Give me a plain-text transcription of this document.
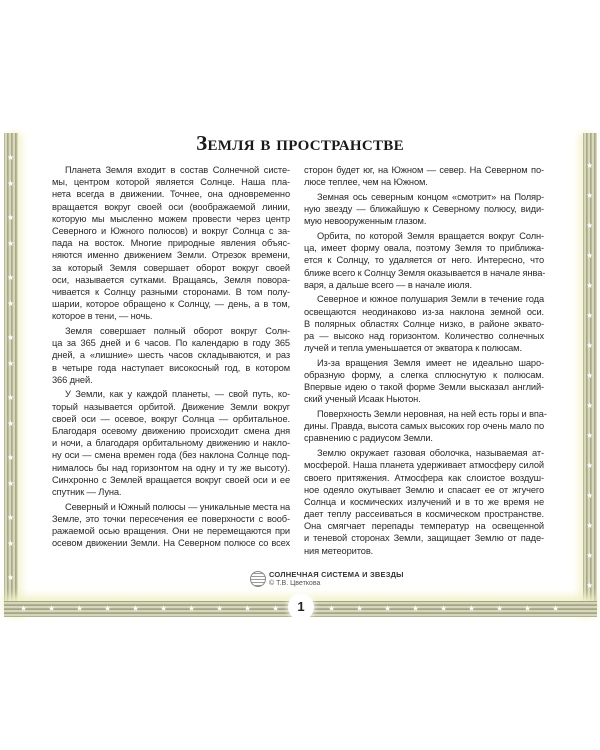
★
★
★
★
★
★
★
★
★
★
★
★
★
★
★
★
★
★
★
★
★
★
★
★
★
★
★
★
★
★
★	★	★	★	★	★	★	★	★	★	★	★	★	★	★	★	★	★	★
1
Земля в пространстве
Планета Земля входит в состав Солнечной систе-
мы, центром которой является Солнце. Наша пла-
нета всегда в движении. Точнее, она одновременно
вращается вокруг своей оси (воображаемой линии,
которую мы мысленно можем провести через центр
Северного и Южного полюсов) и вокруг Солнца с за-
пада на восток. Многие природные явления объяс-
няются именно движением Земли. Отрезок времени,
за который Земля совершает оборот вокруг своей
оси, называется сутками. Вращаясь, Земля повора-
чивается к Солнцу разными сторонами. В том полу-
шарии, которое обращено к Солнцу, — день, а в том,
которое в тени, — ночь.
Земля совершает полный оборот вокруг Солн-
ца за 365 дней и 6 часов. По календарю в году 365
дней, а «лишние» шесть часов складываются, и раз
в четыре года наступает високосный год, в котором
366 дней.
У Земли, как у каждой планеты, — свой путь, ко-
торый называется орбитой. Движение Земли вокруг
своей оси — осевое, вокруг Солнца — орбитальное.
Благодаря осевому движению происходит смена дня
и ночи, а благодаря орбитальному движению и накло-
ну оси — смена времен года (без наклона Солнце под-
нималось бы над горизонтом на одну и ту же высоту).
Синхронно с Землей вращается вокруг своей оси и ее
спутник — Луна.
Северный и Южный полюсы — уникальные места на
Земле, это точки пересечения ее поверхности с вооб-
ражаемой осью вращения. Они не перемещаются при
осевом движении Земли. На Северном полюсе со всех
сторон будет юг, на Южном — север. На Северном по-
люсе теплее, чем на Южном.
Земная ось северным концом «смотрит» на Поляр-
ную звезду — ближайшую к Северному полюсу, види-
мую невооруженным глазом.
Орбита, по которой Земля вращается вокруг Солн-
ца, имеет форму овала, поэтому Земля то приближа-
ется к Солнцу, то удаляется от него. Интересно, что
ближе всего к Солнцу Земля оказывается в начале янва-
варя, а дальше всего — в начале июля.
Северное и южное полушария Земли в течение года
освещаются неодинаково из-за наклона земной оси.
В полярных областях Солнце низко, в районе эквато-
ра — высоко над горизонтом. Количество солнечных
лучей и тепла уменьшается от экватора к полюсам.
Из-за вращения Земля имеет не идеально шаро-
образную форму, а слегка сплюснутую к полюсам.
Впервые идею о такой форме Земли высказал англий-
ский ученый Исаак Ньютон.
Поверхность Земли неровная, на ней есть горы и впа-
дины. Правда, высота самых высоких гор очень мало по
сравнению с радиусом Земли.
Землю окружает газовая оболочка, называемая ат-
мосферой. Наша планета удерживает атмосферу силой
своего притяжения. Атмосфера как слоистое воздуш-
ное одеяло окутывает Землю и спасает ее от жгучего
Солнца и космических излучений и в то же время не
дает теплу рассеиваться в космическом пространстве.
Она смягчает перепады температур на освещенной
и теневой сторонах Земли, защищает Землю от паде-
ния метеоритов.
СОЛНЕЧНАЯ СИСТЕМА И ЗВЕЗДЫ
© Т.В. Цветкова
